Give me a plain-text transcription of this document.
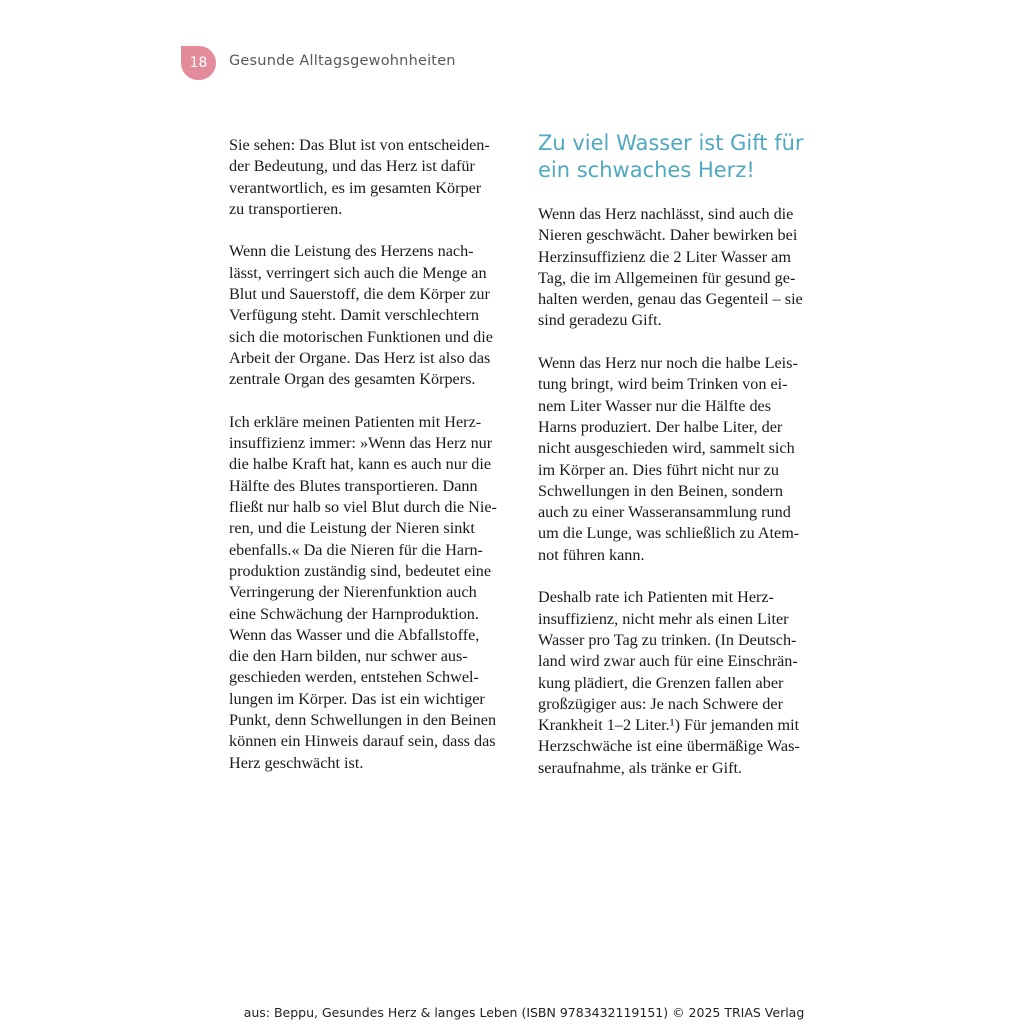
18 Gesunde Alltagsgewohnheiten

Sie sehen: Das Blut ist von entscheiden-
der Bedeutung, und das Herz ist dafür
verantwortlich, es im gesamten Körper
zu transportieren.

Wenn die Leistung des Herzens nach-
lässt, verringert sich auch die Menge an
Blut und Sauerstoff, die dem Körper zur
Verfügung steht. Damit verschlechtern
sich die motorischen Funktionen und die
Arbeit der Organe. Das Herz ist also das
zentrale Organ des gesamten Körpers.

Ich erkläre meinen Patienten mit Herz-
insuffizienz immer: »Wenn das Herz nur
die halbe Kraft hat, kann es auch nur die
Hälfte des Blutes transportieren. Dann
fließt nur halb so viel Blut durch die Nie-
ren, und die Leistung der Nieren sinkt
ebenfalls.« Da die Nieren für die Harn-
produktion zuständig sind, bedeutet eine
Verringerung der Nierenfunktion auch
eine Schwächung der Harnproduktion.
Wenn das Wasser und die Abfallstoffe,
die den Harn bilden, nur schwer aus-
geschieden werden, entstehen Schwel-
lungen im Körper. Das ist ein wichtiger
Punkt, denn Schwellungen in den Beinen
können ein Hinweis darauf sein, dass das
Herz geschwächt ist.

Zu viel Wasser ist Gift für
ein schwaches Herz!

Wenn das Herz nachlässt, sind auch die
Nieren geschwächt. Daher bewirken bei
Herzinsuffizienz die 2 Liter Wasser am
Tag, die im Allgemeinen für gesund ge-
halten werden, genau das Gegenteil – sie
sind geradezu Gift.

Wenn das Herz nur noch die halbe Leis-
tung bringt, wird beim Trinken von ei-
nem Liter Wasser nur die Hälfte des
Harns produziert. Der halbe Liter, der
nicht ausgeschieden wird, sammelt sich
im Körper an. Dies führt nicht nur zu
Schwellungen in den Beinen, sondern
auch zu einer Wasseransammlung rund
um die Lunge, was schließlich zu Atem-
not führen kann.

Deshalb rate ich Patienten mit Herz-
insuffizienz, nicht mehr als einen Liter
Wasser pro Tag zu trinken. (In Deutsch-
land wird zwar auch für eine Einschrän-
kung plädiert, die Grenzen fallen aber
großzügiger aus: Je nach Schwere der
Krankheit 1–2 Liter.¹) Für jemanden mit
Herzschwäche ist eine übermäßige Was-
seraufnahme, als tränke er Gift.

aus: Beppu, Gesundes Herz & langes Leben (ISBN 9783432119151) © 2025 TRIAS Verlag
